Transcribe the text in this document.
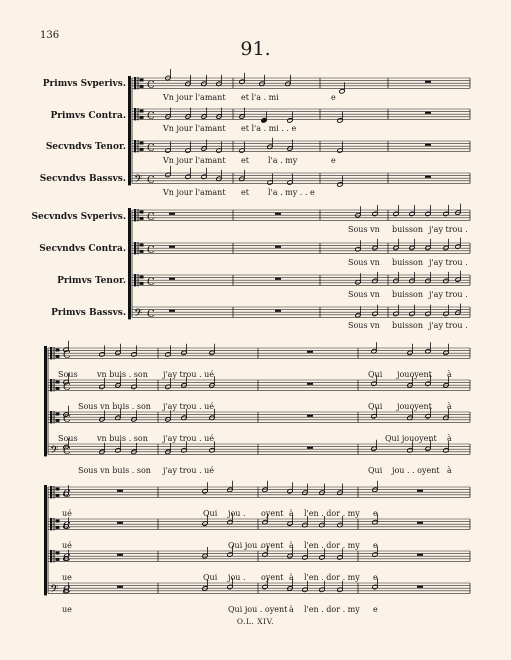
136
91.
Primvs Svperivs.
Primvs Contra.
Secvndvs Tenor.
Secvndvs Bassvs.
Secvndvs Svperivs.
Secvndvs Contra.
Primvs Tenor.
Primvs Bassvs.
C
C
C
𝄢 C
C
C
C
𝄢 C
C
C
C
𝄢 C
C
C
C
𝄢 C
Vn jour l'amant et l'a . mi	e
Vn jour l'amant et l'a . mi . . e
Vn jour l'amant et l'a . my	e
Vn jour l'amant et l'a . my . . e
Sous vn buisson j'ay trou .
Sous vn buisson j'ay trou .
Sous vn buisson j'ay trou .
Sous vn buisson j'ay trou .
Sous vn buis . son j'ay trou . ué	Qui jouoyent à
Sous vn buis . son j'ay trou . ué	Qui jouoyent à
Sous vn buis . son j'ay trou . ué	Qui jouoyent à
Sous vn buis . son j'ay trou . ué	Qui jou . . oyent à
ué	Qui jou . oyent à l'en . dor . my e
ué	Qui jou .
oyent à l'en . dor . my e
ue	Qui jou . oyent à l'en . dor . my e
ue	Qui jou . oyent à l'en . dor . my e
O.L. XIV.
